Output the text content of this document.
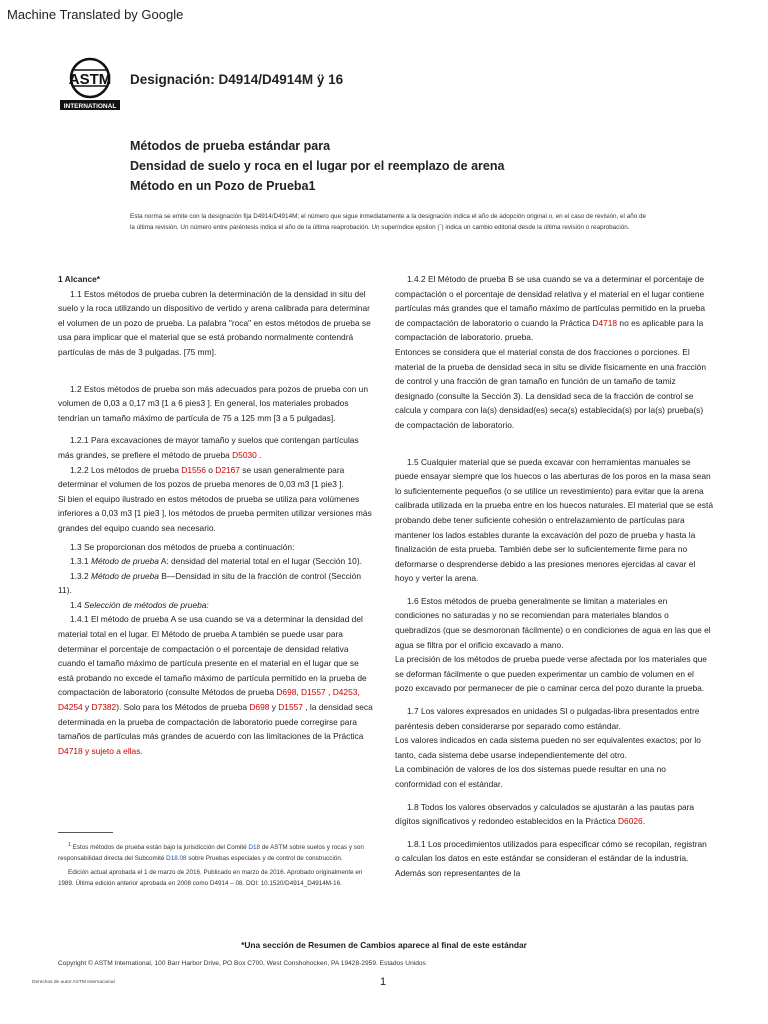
Machine Translated by Google
ASTM
INTERNATIONAL
Designación: D4914/D4914M ÿ 16
Métodos de prueba estándar para
Densidad de suelo y roca en el lugar por el reemplazo de arena
Método en un Pozo de Prueba1
Esta norma se emite con la designación fija D4914/D4914M; el número que sigue inmediatamente a la designación indica el año de adopción original o, en el caso de revisión, el año de la última revisión. Un número entre paréntesis indica el año de la última reaprobación. Un superíndice epsilon (´) indica un cambio editorial desde la última revisión o reaprobación.

1 Alcance*

1.1 Estos métodos de prueba cubren la determinación de la densidad in situ del suelo y la roca utilizando un dispositivo de vertido y arena calibrada para determinar el volumen de un pozo de prueba. La palabra "roca" en estos métodos de prueba se usa para implicar que el material que se está probando normalmente contendrá partículas de más de 3 pulgadas. [75 mm].

1.2 Estos métodos de prueba son más adecuados para pozos de prueba con un volumen de 0,03 a 0,17 m3 [1 a 6 pies3 ]. En general, los materiales probados tendrían un tamaño máximo de partícula de 75 a 125 mm [3 a 5 pulgadas].

1.2.1 Para excavaciones de mayor tamaño y suelos que contengan partículas más grandes, se prefiere el método de prueba D5030 .

1.2.2 Los métodos de prueba D1556 o D2167 se usan generalmente para determinar el volumen de los pozos de prueba menores de 0,03 m3 [1 pie3 ].

Si bien el equipo ilustrado en estos métodos de prueba se utiliza para volúmenes inferiores a 0,03 m3 [1 pie3 ], los métodos de prueba permiten utilizar versiones más grandes del equipo cuando sea necesario.

1.3 Se proporcionan dos métodos de prueba a continuación:

1.3.1 Método de prueba A: densidad del material total en el lugar (Sección 10).

1.3.2 Método de prueba B—Densidad in situ de la fracción de control (Sección 11).

1.4 Selección de métodos de prueba:

1.4.1 El método de prueba A se usa cuando se va a determinar la densidad del material total en el lugar. El Método de prueba A también se puede usar para determinar el porcentaje de compactación o el porcentaje de densidad relativa cuando el tamaño máximo de partícula presente en el material en el lugar que se está probando no excede el tamaño máximo de partícula permitido en la prueba de compactación de laboratorio (consulte Métodos de prueba D698, D1557 , D4253, D4254 y D7382). Solo para los Métodos de prueba D698 y D1557 , la densidad seca determinada en la prueba de compactación de laboratorio puede corregirse para tamaños de partículas más grandes de acuerdo con las limitaciones de la Práctica D4718 y sujeto a ellas.

1.4.2 El Método de prueba B se usa cuando se va a determinar el porcentaje de compactación o el porcentaje de densidad relativa y el material en el lugar contiene partículas más grandes que el tamaño máximo de partículas permitido en la prueba de compactación de laboratorio o cuando la Práctica D4718 no es aplicable para la compactación de laboratorio. prueba.

Entonces se considera que el material consta de dos fracciones o porciones. El material de la prueba de densidad seca in situ se divide físicamente en una fracción de control y una fracción de gran tamaño en función de un tamaño de tamiz designado (consulte la Sección 3). La densidad seca de la fracción de control se calcula y compara con la(s) densidad(es) seca(s) establecida(s) por la(s) prueba(s) de compactación de laboratorio.

1.5 Cualquier material que se pueda excavar con herramientas manuales se puede ensayar siempre que los huecos o las aberturas de los poros en la masa sean lo suficientemente pequeños (o se utilice un revestimiento) para evitar que la arena calibrada utilizada en la prueba entre en los huecos naturales. El material que se está probando debe tener suficiente cohesión o entrelazamiento de partículas para mantener los lados estables durante la excavación del pozo de prueba y hasta la finalización de esta prueba. También debe ser lo suficientemente firme para no deformarse o desprenderse debido a las presiones menores ejercidas al cavar el hoyo y verter la arena.

1.6 Estos métodos de prueba generalmente se limitan a materiales en condiciones no saturadas y no se recomiendan para materiales blandos o quebradizos (que se desmoronan fácilmente) o en condiciones de agua en las que el agua se filtra por el orificio excavado a mano.

La precisión de los métodos de prueba puede verse afectada por los materiales que se deforman fácilmente o que pueden experimentar un cambio de volumen en el pozo excavado por permanecer de pie o caminar cerca del pozo durante la prueba.

1.7 Los valores expresados en unidades SI o pulgadas-libra presentados entre paréntesis deben considerarse por separado como estándar.

Los valores indicados en cada sistema pueden no ser equivalentes exactos; por lo tanto, cada sistema debe usarse independientemente del otro.

La combinación de valores de los dos sistemas puede resultar en una no conformidad con el estándar.

1.8 Todos los valores observados y calculados se ajustarán a las pautas para dígitos significativos y redondeo establecidos en la Práctica D6026.

1.8.1 Los procedimientos utilizados para especificar cómo se recopilan, registran o calculan los datos en este estándar se consideran el estándar de la industria. Además son representantes de la

$^1$ Estos métodos de prueba están bajo la jurisdicción del Comité D18 de ASTM sobre suelos y rocas y son responsabilidad directa del Subcomité D18.08 sobre Pruebas especiales y de control de construcción.

Edición actual aprobada el 1 de marzo de 2016. Publicado en marzo de 2016. Aprobado originalmente en 1989. Última edición anterior aprobada en 2008 como D4914 – 08. DOI: 10.1520/D4914_D4914M-16.

*Una sección de Resumen de Cambios aparece al final de este estándar
Copyright © ASTM International, 100 Barr Harbor Drive, PO Box C700, West Conshohocken, PA 19428-2959. Estados Unidos
1
Derechos de autor ASTM Internacional
